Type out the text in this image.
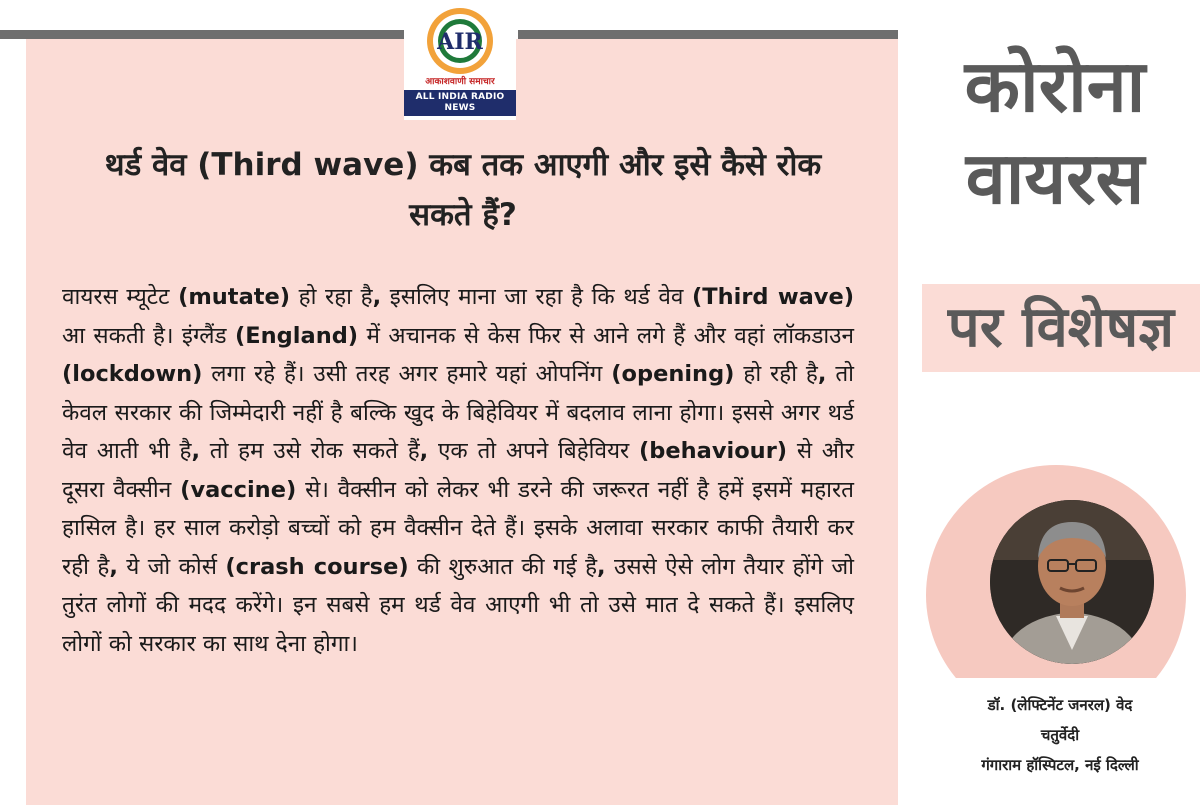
AIR
आकाशवाणी समाचार
ALL INDIA RADIO NEWS
थर्ड वेव (Third wave) कब तक आएगी और इसे कैसे रोक
सकते हैं?
वायरस म्यूटेट (mutate) हो रहा है, इसलिए माना जा रहा है कि थर्ड वेव (Third wave) आ सकती है। इंग्लैंड (England) में अचानक से केस फिर से आने लगे हैं और वहां लॉकडाउन (lockdown) लगा रहे हैं। उसी तरह अगर हमारे यहां ओपनिंग (opening) हो रही है, तो केवल सरकार की जिम्मेदारी नहीं है बल्कि खुद के बिहेवियर में बदलाव लाना होगा। इससे अगर थर्ड वेव आती भी है, तो हम उसे रोक सकते हैं, एक तो अपने बिहेवियर (behaviour) से और दूसरा वैक्सीन (vaccine) से। वैक्सीन को लेकर भी डरने की जरूरत नहीं है हमें इसमें महारत हासिल है। हर साल करोड़ो बच्चों को हम वैक्सीन देते हैं। इसके अलावा सरकार काफी तैयारी कर रही है, ये जो कोर्स (crash course) की शुरुआत की गई है, उससे ऐसे लोग तैयार होंगे जो तुरंत लोगों की मदद करेंगे। इन सबसे हम थर्ड वेव आएगी भी तो उसे मात दे सकते हैं। इसलिए लोगों को सरकार का साथ देना होगा।
कोरोना
वायरस
पर विशेषज्ञ
डॉ. (लेफ्टिनेंट जनरल) वेद
चतुर्वेदी
गंगाराम हॉस्पिटल, नई दिल्ली
